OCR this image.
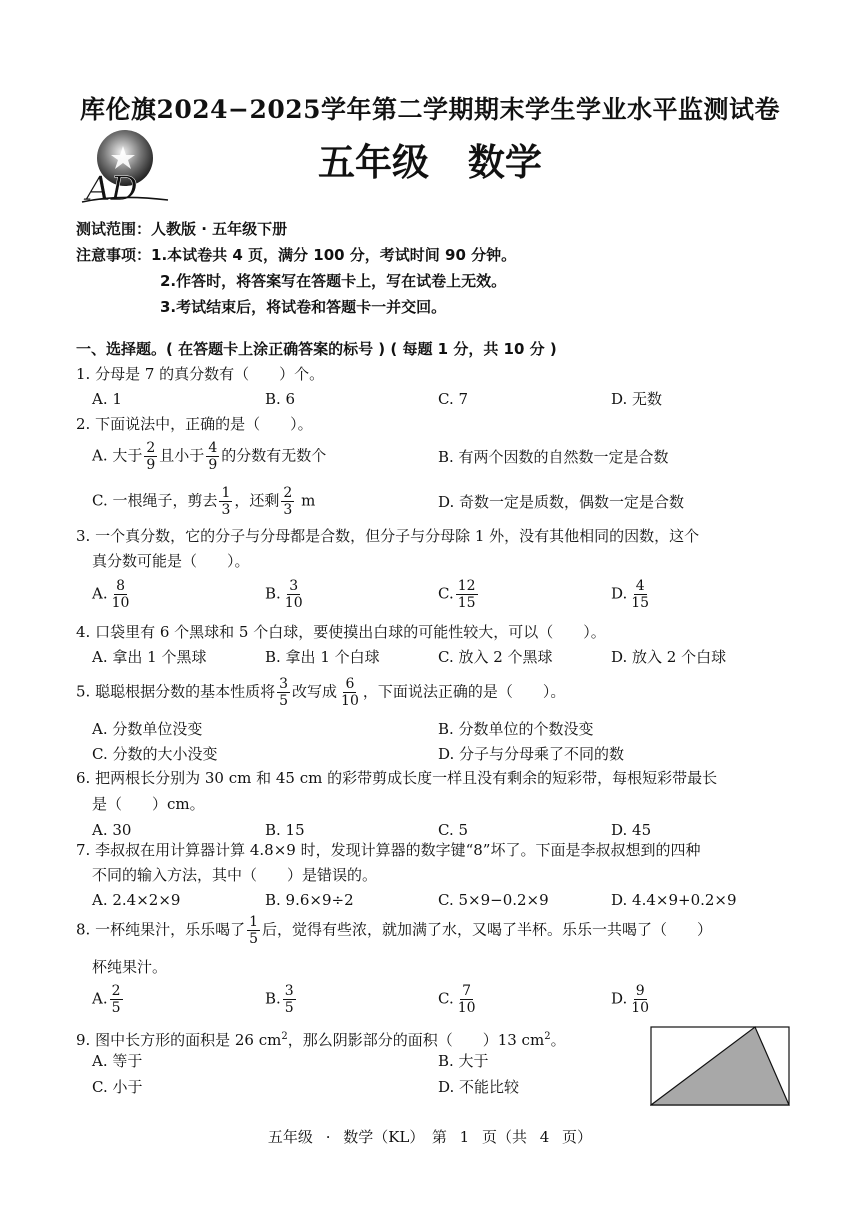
库伦旗2024−2025学年第二学期期末学生学业水平监测试卷
AD
五年级 数学
测试范围：人教版 · 五年级下册
注意事项：1.本试卷共 4 页，满分 100 分，考试时间 90 分钟。
2.作答时，将答案写在答题卡上，写在试卷上无效。
3.考试结束后，将试卷和答题卡一并交回。
一、选择题。( 在答题卡上涂正确答案的标号 ) ( 每题 1 分，共 10 分 )
1. 分母是 7 的真分数有（　　）个。
A. 1	B. 6	C. 7	D. 无数
2. 下面说法中，正确的是（　　）。
A. 大于 $\frac{2}{9}$ 且小于 $\frac{4}{9}$ 的分数有无数个	B. 有两个因数的自然数一定是合数
C. 一根绳子，剪去 $\frac{1}{3}$ ，还剩 $\frac{2}{3}$ m	D. 奇数一定是质数，偶数一定是合数
3. 一个真分数，它的分子与分母都是合数，但分子与分母除 1 外，没有其他相同的因数，这个
真分数可能是（　　）。
A. $\frac{8}{10}$	B. $\frac{3}{10}$	C. $\frac{12}{15}$	D. $\frac{4}{15}$
4. 口袋里有 6 个黑球和 5 个白球，要使摸出白球的可能性较大，可以（　　）。
A. 拿出 1 个黑球	B. 拿出 1 个白球	C. 放入 2 个黑球	D. 放入 2 个白球
5. 聪聪根据分数的基本性质将 $\frac{3}{5}$ 改写成 $\frac{6}{10}$ ，下面说法正确的是（　　）。
A. 分数单位没变	B. 分数单位的个数没变
C. 分数的大小没变	D. 分子与分母乘了不同的数
6. 把两根长分别为 30 cm 和 45 cm 的彩带剪成长度一样且没有剩余的短彩带，每根短彩带最长
是（　　）cm。
A. 30	B. 15	C. 5	D. 45
7. 李叔叔在用计算器计算 4.8×9 时，发现计算器的数字键“8”坏了。下面是李叔叔想到的四种
不同的输入方法，其中（　　）是错误的。
A. 2.4×2×9	B. 9.6×9÷2	C. 5×9−0.2×9	D. 4.4×9+0.2×9
8. 一杯纯果汁，乐乐喝了 $\frac{1}{5}$ 后，觉得有些浓，就加满了水，又喝了半杯。乐乐一共喝了（　　）
杯纯果汁。
A. $\frac{2}{5}$	B. $\frac{3}{5}$	C. $\frac{7}{10}$	D. $\frac{9}{10}$
9. 图中长方形的面积是 26 $cm^2$，那么阴影部分的面积（　　）13 $cm^2$。
A. 等于	B. 大于
C. 小于	D. 不能比较
五年级 · 数学（KL）　第 1 页（共 4 页）
